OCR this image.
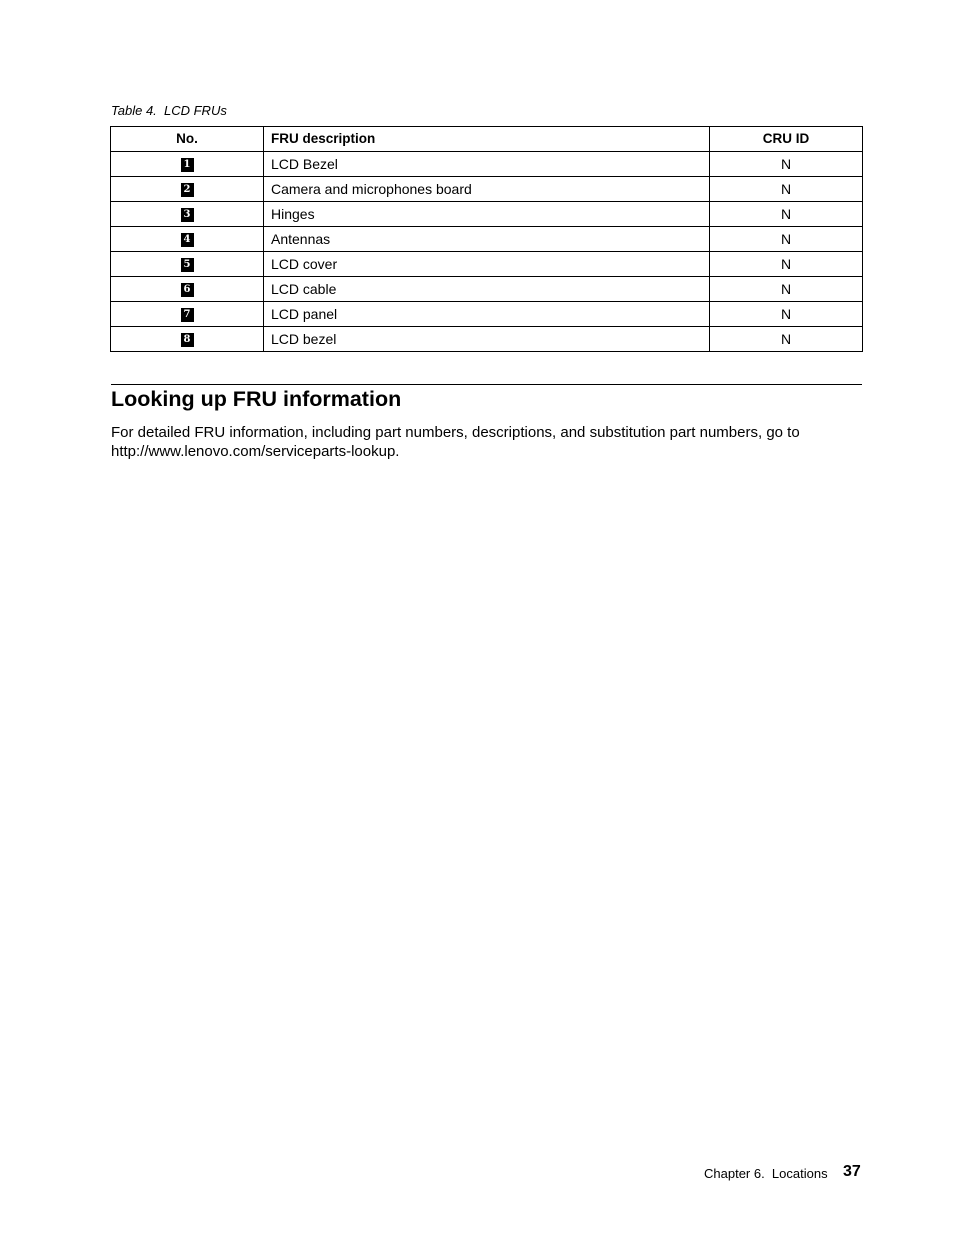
Table 4.  LCD FRUs
No.	FRU description	CRU ID
1	LCD Bezel	N
2	Camera and microphones board	N
3	Hinges	N
4	Antennas	N
5	LCD cover	N
6	LCD cable	N
7	LCD panel	N
8	LCD bezel	N
Looking up FRU information

For detailed FRU information, including part numbers, descriptions, and substitution part numbers, go to
http://www.lenovo.com/serviceparts-lookup.

Chapter 6.  Locations 37
